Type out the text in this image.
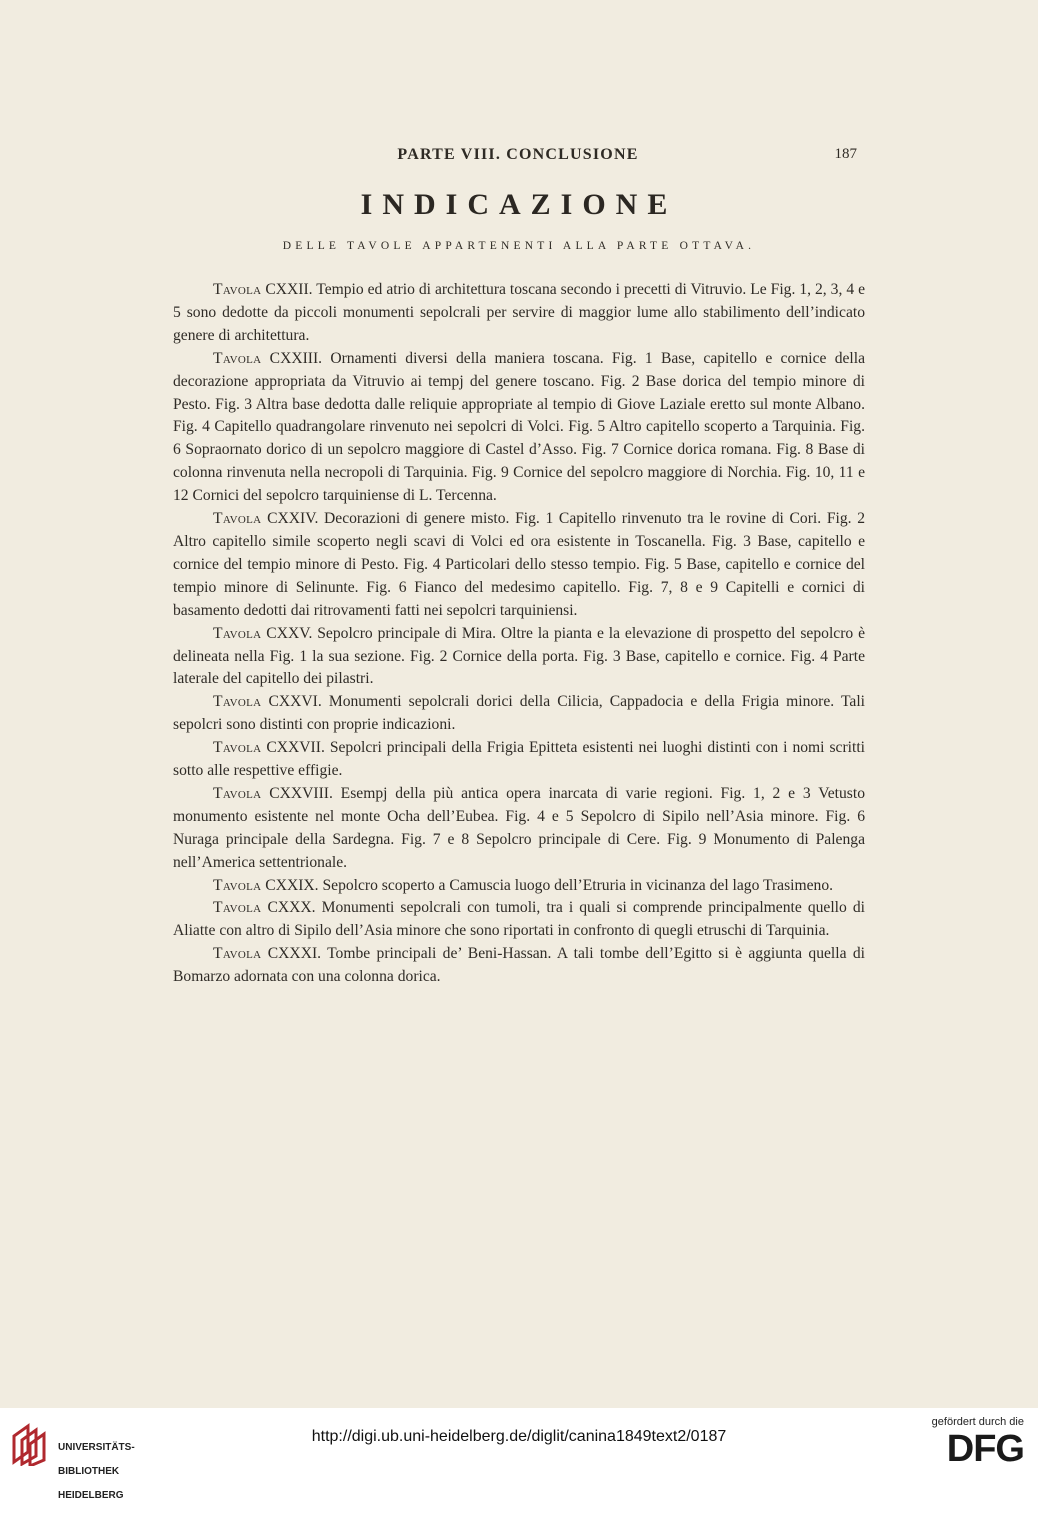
PARTE VIII. CONCLUSIONE	187
INDICAZIONE
DELLE TAVOLE APPARTENENTI ALLA PARTE OTTAVA.

Tavola CXXII. Tempio ed atrio di architettura toscana secondo i precetti di Vitruvio. Le Fig. 1, 2, 3, 4 e 5 sono dedotte da piccoli monumenti sepolcrali per servire di maggior lume allo stabilimento dell’indicato genere di architettura.

Tavola CXXIII. Ornamenti diversi della maniera toscana. Fig. 1 Base, capitello e cornice della decorazione appropriata da Vitruvio ai tempj del genere toscano. Fig. 2 Base dorica del tempio minore di Pesto. Fig. 3 Altra base dedotta dalle reliquie appropriate al tempio di Giove Laziale eretto sul monte Albano. Fig. 4 Capitello quadrangolare rinvenuto nei sepolcri di Volci. Fig. 5 Altro capitello scoperto a Tarquinia. Fig. 6 Sopraornato dorico di un sepolcro maggiore di Castel d’Asso. Fig. 7 Cornice dorica romana. Fig. 8 Base di colonna rinvenuta nella necropoli di Tarquinia. Fig. 9 Cornice del sepolcro maggiore di Norchia. Fig. 10, 11 e 12 Cornici del sepolcro tarquiniense di L. Tercenna.

Tavola CXXIV. Decorazioni di genere misto. Fig. 1 Capitello rinvenuto tra le rovine di Cori. Fig. 2 Altro capitello simile scoperto negli scavi di Volci ed ora esistente in Toscanella. Fig. 3 Base, capitello e cornice del tempio minore di Pesto. Fig. 4 Particolari dello stesso tempio. Fig. 5 Base, capitello e cornice del tempio minore di Selinunte. Fig. 6 Fianco del medesimo capitello. Fig. 7, 8 e 9 Capitelli e cornici di basamento dedotti dai ritrovamenti fatti nei sepolcri tarquiniensi.

Tavola CXXV. Sepolcro principale di Mira. Oltre la pianta e la elevazione di prospetto del sepolcro è delineata nella Fig. 1 la sua sezione. Fig. 2 Cornice della porta. Fig. 3 Base, capitello e cornice. Fig. 4 Parte laterale del capitello dei pilastri.

Tavola CXXVI. Monumenti sepolcrali dorici della Cilicia, Cappadocia e della Frigia minore. Tali sepolcri sono distinti con proprie indicazioni.

Tavola CXXVII. Sepolcri principali della Frigia Epitteta esistenti nei luoghi distinti con i nomi scritti sotto alle respettive effigie.

Tavola CXXVIII. Esempj della più antica opera inarcata di varie regioni. Fig. 1, 2 e 3 Vetusto monumento esistente nel monte Ocha dell’Eubea. Fig. 4 e 5 Sepolcro di Sipilo nell’Asia minore. Fig. 6 Nuraga principale della Sardegna. Fig. 7 e 8 Sepolcro principale di Cere. Fig. 9 Monumento di Palenga nell’America settentrionale.

Tavola CXXIX. Sepolcro scoperto a Camuscia luogo dell’Etruria in vicinanza del lago Trasimeno.

Tavola CXXX. Monumenti sepolcrali con tumoli, tra i quali si comprende principalmente quello di Aliatte con altro di Sipilo dell’Asia minore che sono riportati in confronto di quegli etruschi di Tarquinia.

Tavola CXXXI. Tombe principali de’ Beni-Hassan. A tali tombe dell’Egitto si è aggiunta quella di Bomarzo adornata con una colonna dorica.

UNIVERSITÄTS-

BIBLIOTHEK

HEIDELBERG

http://digi.ub.uni-heidelberg.de/diglit/canina1849text2/0187
gefördert durch die
DFG
